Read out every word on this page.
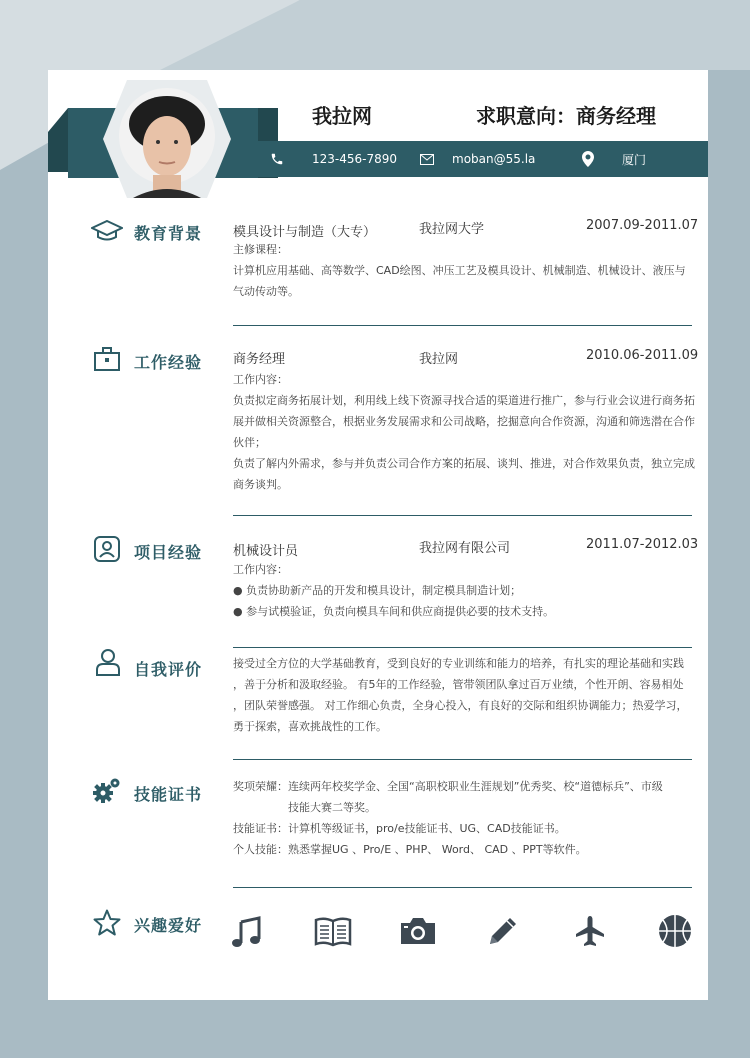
我拉网	求职意向：商务经理
123-456-7890	moban@55.la	厦门
教育背景 模具设计与制造（大专）	我拉网大学	2007.09-2011.07
主修课程：
计算机应用基础、高等数学、CAD绘图、冲压工艺及模具设计、机械制造、机械设计、液压与
气动传动等。
工作经验 商务经理	我拉网	2010.06-2011.09
工作内容：
负责拟定商务拓展计划，利用线上线下资源寻找合适的渠道进行推广，参与行业会议进行商务拓
展并做相关资源整合，根据业务发展需求和公司战略，挖掘意向合作资源，沟通和筛选潜在合作
伙伴；
负责了解内外需求，参与并负责公司合作方案的拓展、谈判、推进，对合作效果负责，独立完成
商务谈判。
项目经验 机械设计员	我拉网有限公司	2011.07-2012.03
工作内容：
● 负责协助新产品的开发和模具设计，制定模具制造计划；
● 参与试模验证，负责向模具车间和供应商提供必要的技术支持。
自我评价	接受过全方位的大学基础教育，受到良好的专业训练和能力的培养，有扎实的理论基础和实践
，善于分析和汲取经验。 有5年的工作经验，管带领团队拿过百万业绩，个性开朗、容易相处
，团队荣誉感强。 对工作细心负责，全身心投入，有良好的交际和组织协调能力；热爱学习，
勇于探索，喜欢挑战性的工作。
技能证书	奖项荣耀：连续两年校奖学金、全国“高职校职业生涯规划”优秀奖、校“道德标兵”、市级
技能大赛二等奖。
技能证书：计算机等级证书，pro/e技能证书、UG、CAD技能证书。
个人技能：熟悉掌握UG 、Pro/E 、PHP、 Word、 CAD 、PPT等软件。
兴趣爱好
